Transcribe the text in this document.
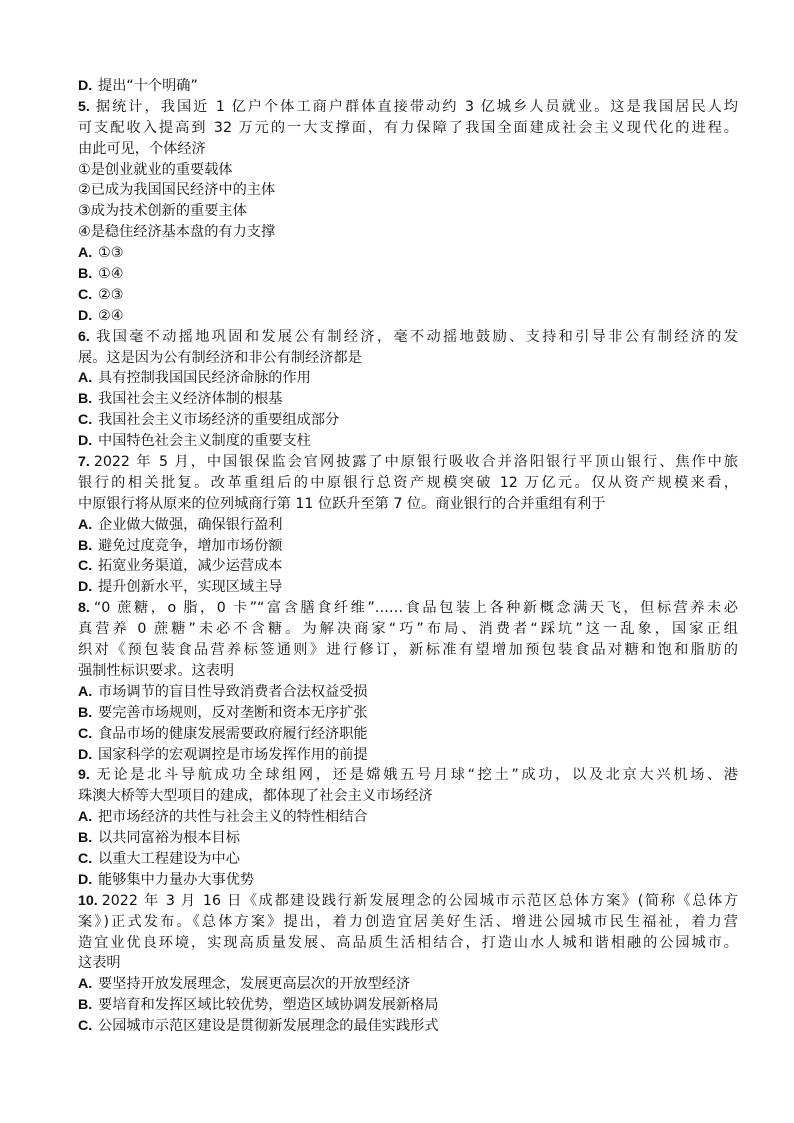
D. 提出“十个明确”
5. 据统计，我国近 1 亿户个体工商户群体直接带动约 3 亿城乡人员就业。这是我国居民人均
可支配收入提高到 32 万元的一大支撑面，有力保障了我国全面建成社会主义现代化的进程。
由此可见，个体经济
①是创业就业的重要载体
②已成为我国国民经济中的主体
③成为技术创新的重要主体
④是稳住经济基本盘的有力支撑
A. ①③
B. ①④
C. ②③
D. ②④
6. 我国毫不动摇地巩固和发展公有制经济，毫不动摇地鼓励、支持和引导非公有制经济的发
展。这是因为公有制经济和非公有制经济都是
A. 具有控制我国国民经济命脉的作用
B. 我国社会主义经济体制的根基
C. 我国社会主义市场经济的重要组成部分
D. 中国特色社会主义制度的重要支柱
7. 2022 年 5 月，中国银保监会官网披露了中原银行吸收合并洛阳银行平顶山银行、焦作中旅
银行的相关批复。改革重组后的中原银行总资产规模突破 12 万亿元。仅从资产规模来看，
中原银行将从原来的位列城商行第 11 位跃升至第 7 位。商业银行的合并重组有利于
A. 企业做大做强，确保银行盈利
B. 避免过度竞争，增加市场份额
C. 拓宽业务渠道，减少运营成本
D. 提升创新水平，实现区域主导
8. “0 蔗糖，o 脂，0 卡”“富含膳食纤维”……食品包装上各种新概念满天飞，但标营养未必
真营养 0 蔗糖”未必不含糖。为解决商家“巧”布局、消费者“踩坑”这一乱象，国家正组
织对《预包装食品营养标签通则》进行修订，新标准有望增加预包装食品对糖和饱和脂肪的
强制性标识要求。这表明
A. 市场调节的盲目性导致消费者合法权益受损
B. 要完善市场规则，反对垄断和资本无序扩张
C. 食品市场的健康发展需要政府履行经济职能
D. 国家科学的宏观调控是市场发挥作用的前提
9. 无论是北斗导航成功全球组网，还是嫦娥五号月球“挖土”成功，以及北京大兴机场、港
珠澳大桥等大型项目的建成，都体现了社会主义市场经济
A. 把市场经济的共性与社会主义的特性相结合
B. 以共同富裕为根本目标
C. 以重大工程建设为中心
D. 能够集中力量办大事优势
10. 2022 年 3 月 16 日《成都建设践行新发展理念的公园城市示范区总体方案》(简称《总体方
案》)正式发布。《总体方案》提出，着力创造宜居美好生活、增进公园城市民生福祉，着力营
造宜业优良环境，实现高质量发展、高品质生活相结合，打造山水人城和谐相融的公园城市。
这表明
A. 要坚持开放发展理念，发展更高层次的开放型经济
B. 要培育和发挥区域比较优势，塑造区域协调发展新格局
C. 公园城市示范区建设是贯彻新发展理念的最佳实践形式
